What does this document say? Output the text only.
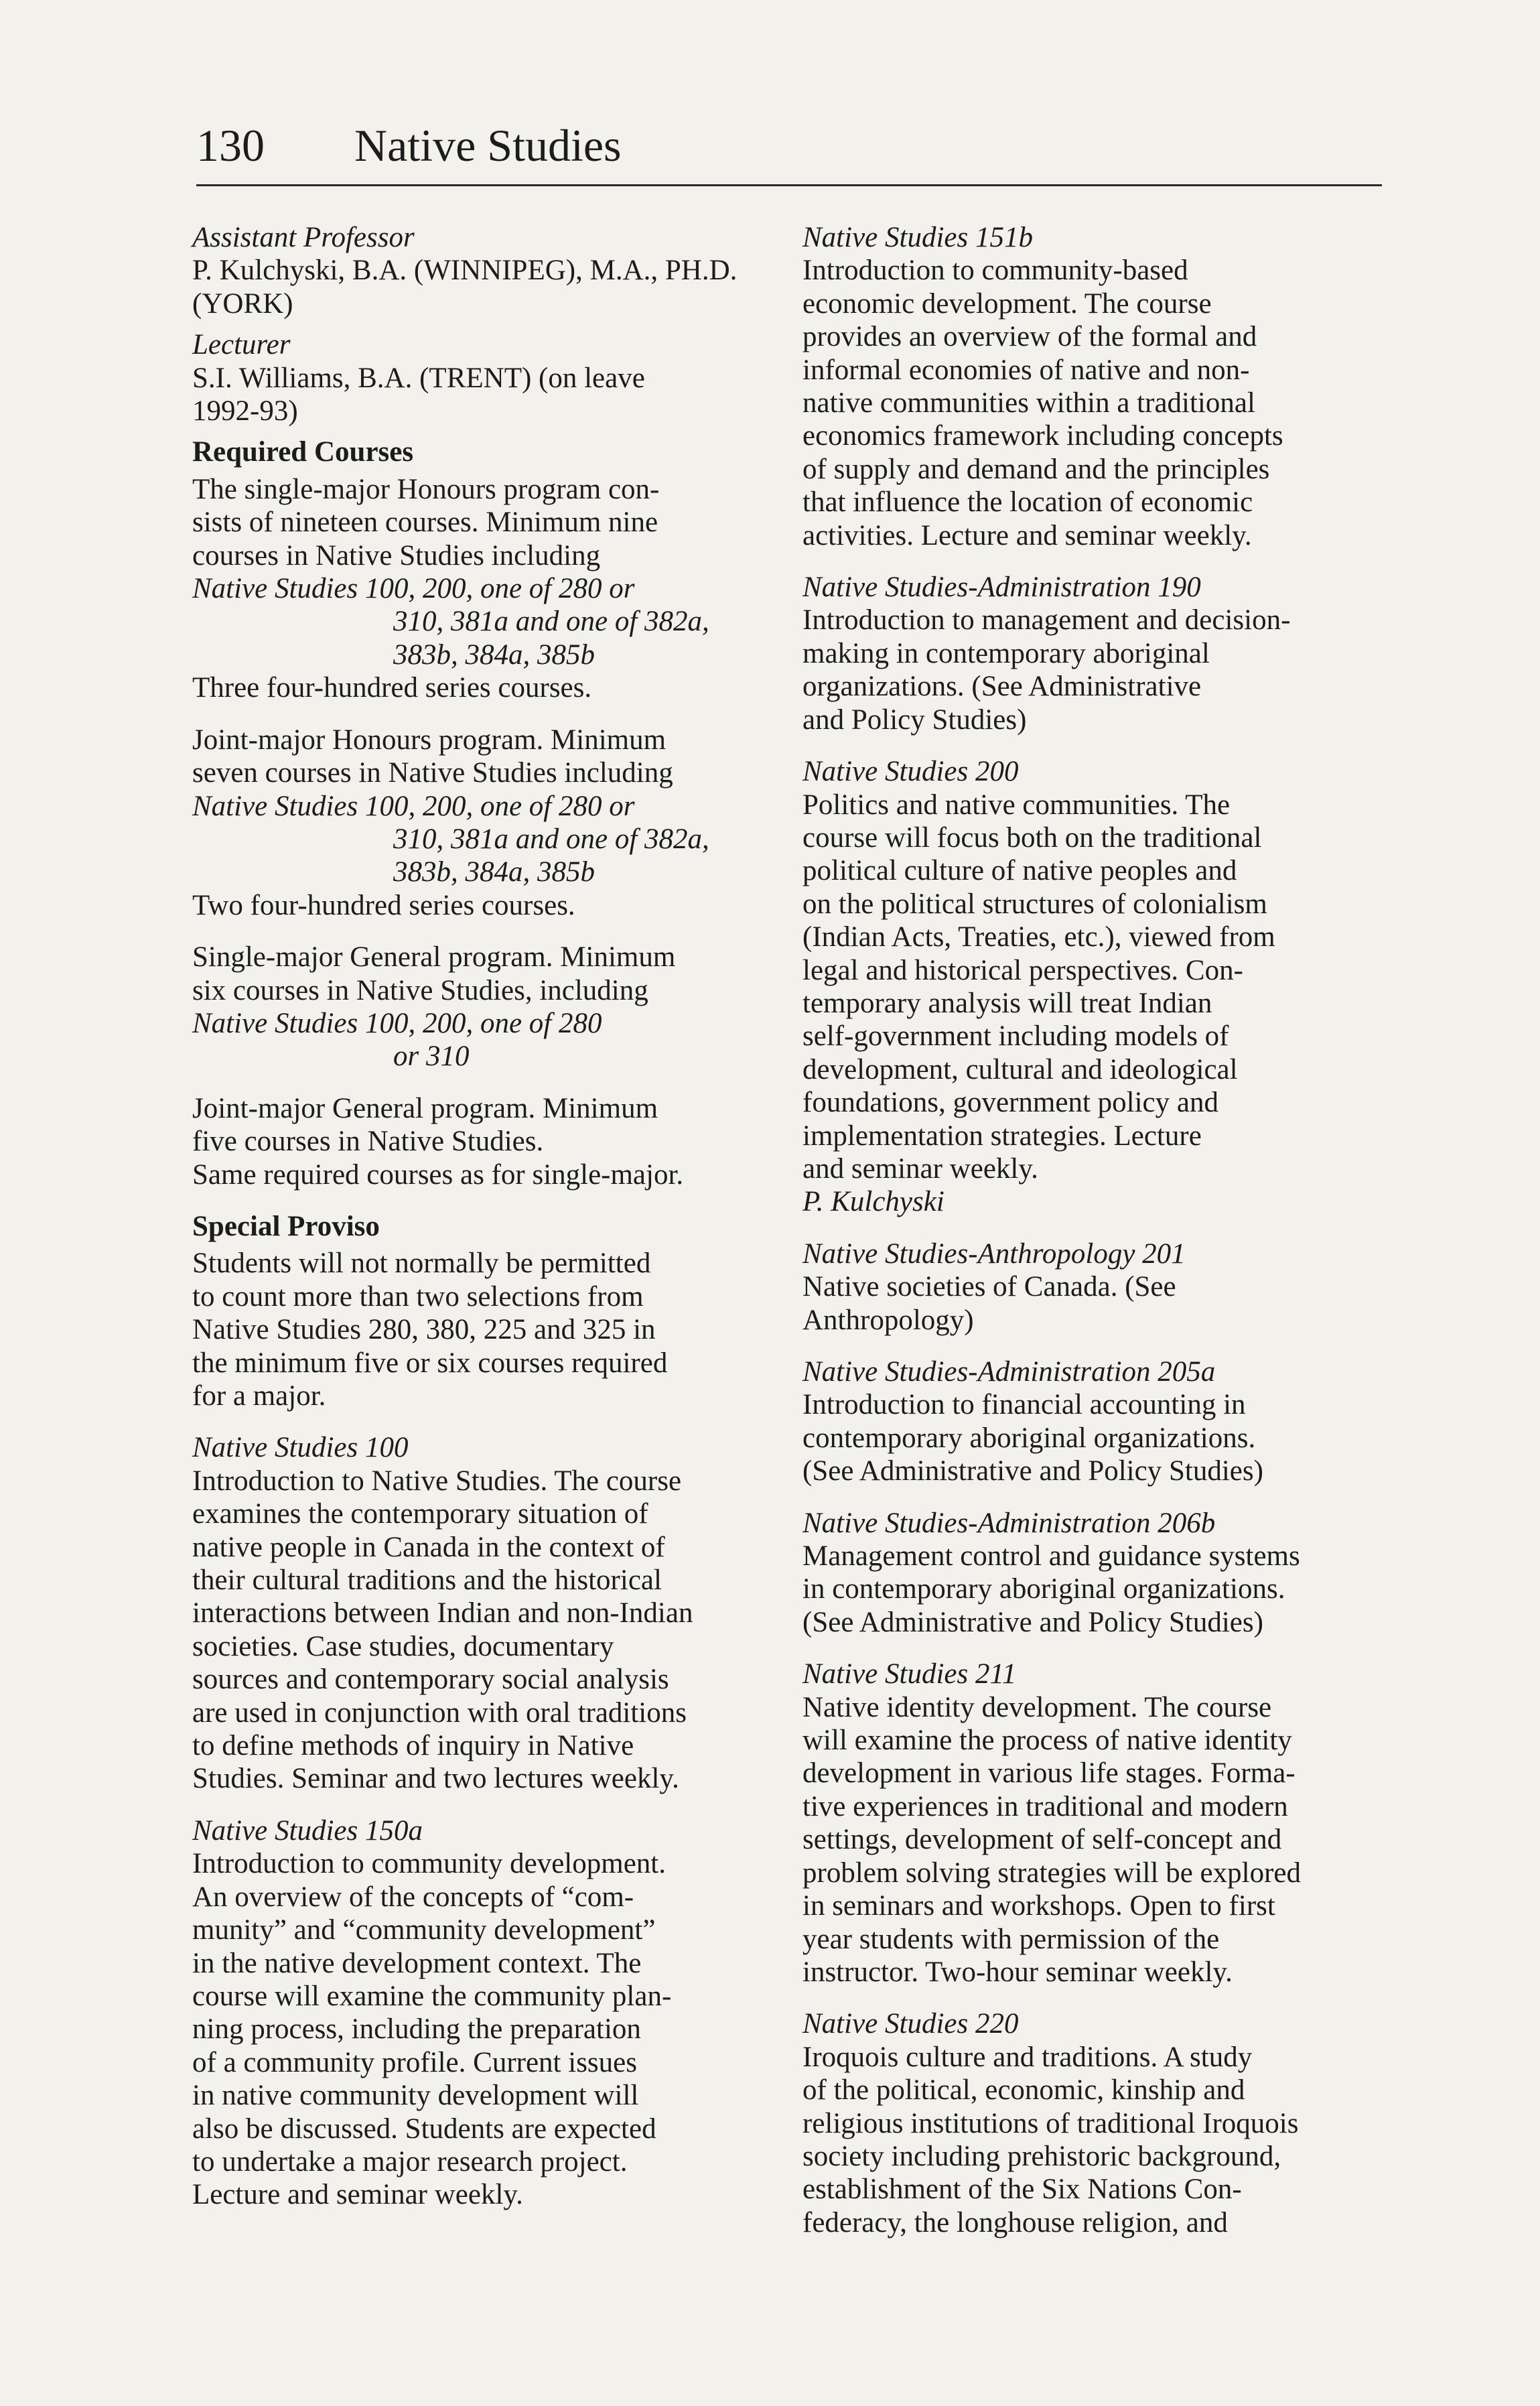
130 Native Studies
Assistant Professor
P. Kulchyski, B.A. (WINNIPEG), M.A., PH.D.
(YORK)
Lecturer
S.I. Williams, B.A. (TRENT) (on leave
1992-93)
Required Courses
The single-major Honours program con-
sists of nineteen courses. Minimum nine
courses in Native Studies including
Native Studies 100, 200, one of 280 or
310, 381a and one of 382a,
383b, 384a, 385b
Three four-hundred series courses.
Joint-major Honours program. Minimum
seven courses in Native Studies including
Native Studies 100, 200, one of 280 or
310, 381a and one of 382a,
383b, 384a, 385b
Two four-hundred series courses.
Single-major General program. Minimum
six courses in Native Studies, including
Native Studies 100, 200, one of 280
or 310
Joint-major General program. Minimum
five courses in Native Studies.
Same required courses as for single-major.
Special Proviso
Students will not normally be permitted
to count more than two selections from
Native Studies 280, 380, 225 and 325 in
the minimum five or six courses required
for a major.
Native Studies 100
Introduction to Native Studies. The course
examines the contemporary situation of
native people in Canada in the context of
their cultural traditions and the historical
interactions between Indian and non-Indian
societies. Case studies, documentary
sources and contemporary social analysis
are used in conjunction with oral traditions
to define methods of inquiry in Native
Studies. Seminar and two lectures weekly.
Native Studies 150a
Introduction to community development.
An overview of the concepts of “com-
munity” and “community development”
in the native development context. The
course will examine the community plan-
ning process, including the preparation
of a community profile. Current issues
in native community development will
also be discussed. Students are expected
to undertake a major research project.
Lecture and seminar weekly.
Native Studies 151b
Introduction to community-based
economic development. The course
provides an overview of the formal and
informal economies of native and non-
native communities within a traditional
economics framework including concepts
of supply and demand and the principles
that influence the location of economic
activities. Lecture and seminar weekly.
Native Studies-Administration 190
Introduction to management and decision-
making in contemporary aboriginal
organizations. (See Administrative
and Policy Studies)
Native Studies 200
Politics and native communities. The
course will focus both on the traditional
political culture of native peoples and
on the political structures of colonialism
(Indian Acts, Treaties, etc.), viewed from
legal and historical perspectives. Con-
temporary analysis will treat Indian
self-government including models of
development, cultural and ideological
foundations, government policy and
implementation strategies. Lecture
and seminar weekly.
P. Kulchyski
Native Studies-Anthropology 201
Native societies of Canada. (See
Anthropology)
Native Studies-Administration 205a
Introduction to financial accounting in
contemporary aboriginal organizations.
(See Administrative and Policy Studies)
Native Studies-Administration 206b
Management control and guidance systems
in contemporary aboriginal organizations.
(See Administrative and Policy Studies)
Native Studies 211
Native identity development. The course
will examine the process of native identity
development in various life stages. Forma-
tive experiences in traditional and modern
settings, development of self-concept and
problem solving strategies will be explored
in seminars and workshops. Open to first
year students with permission of the
instructor. Two-hour seminar weekly.
Native Studies 220
Iroquois culture and traditions. A study
of the political, economic, kinship and
religious institutions of traditional Iroquois
society including prehistoric background,
establishment of the Six Nations Con-
federacy, the longhouse religion, and
